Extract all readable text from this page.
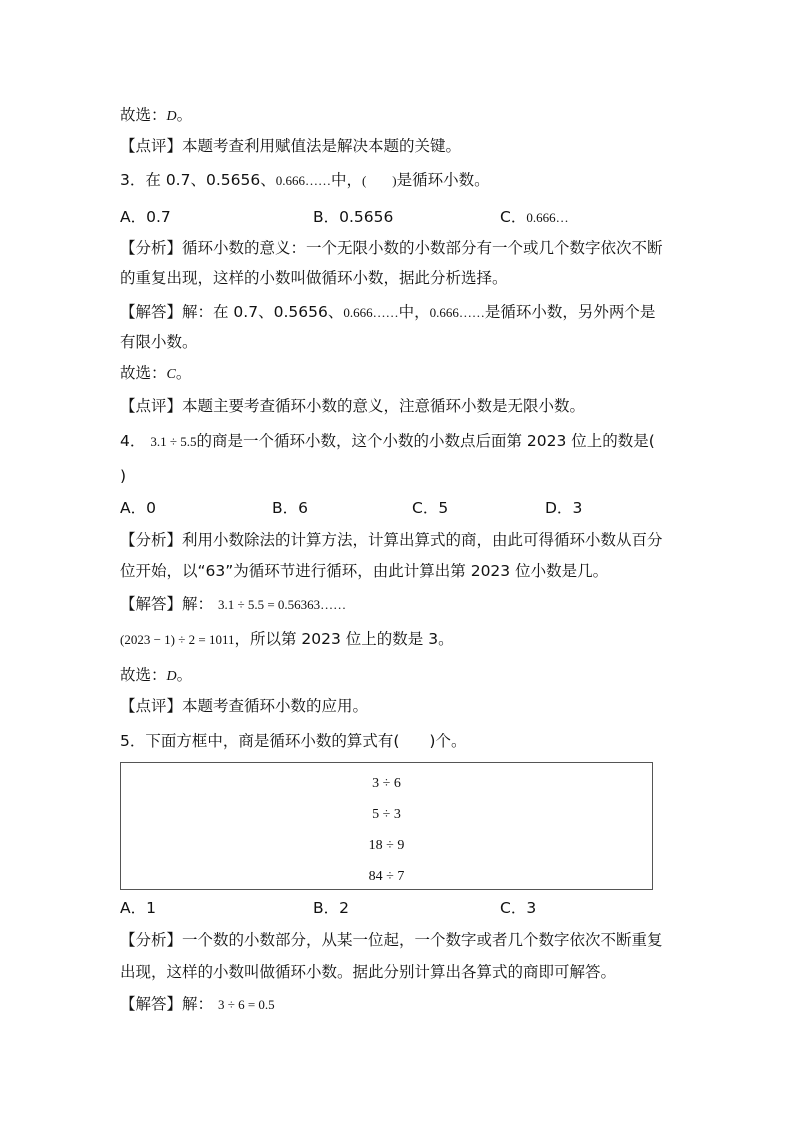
故选：D。
【点评】本题考查利用赋值法是解决本题的关键。
3．在 0.7、0.5656、0.666……中，(        )是循环小数。
A．0.7	B．0.5656	C．0.666…
【分析】循环小数的意义：一个无限小数的小数部分有一个或几个数字依次不断
的重复出现，这样的小数叫做循环小数，据此分析选择。
【解答】解：在 0.7、0.5656、0.666……中，0.666……是循环小数，另外两个是
有限小数。
故选：C。
【点评】本题主要考查循环小数的意义，注意循环小数是无限小数。
4． 3.1 ÷ 5.5的商是一个循环小数，这个小数的小数点后面第 2023 位上的数是(
)
A．0	B．6	C．5	D．3
【分析】利用小数除法的计算方法，计算出算式的商，由此可得循环小数从百分
位开始，以“63”为循环节进行循环，由此计算出第 2023 位小数是几。
【解答】解： 3.1 ÷ 5.5 = 0.56363……
(2023 − 1) ÷ 2 = 1011，所以第 2023 位上的数是 3。
故选：D。
【点评】本题考查循环小数的应用。
5．下面方框中，商是循环小数的算式有( )个。
3 ÷ 6
5 ÷ 3
18 ÷ 9
84 ÷ 7
A．1	B．2	C．3
【分析】一个数的小数部分，从某一位起，一个数字或者几个数字依次不断重复
出现，这样的小数叫做循环小数。据此分别计算出各算式的商即可解答。
【解答】解： 3 ÷ 6 = 0.5
